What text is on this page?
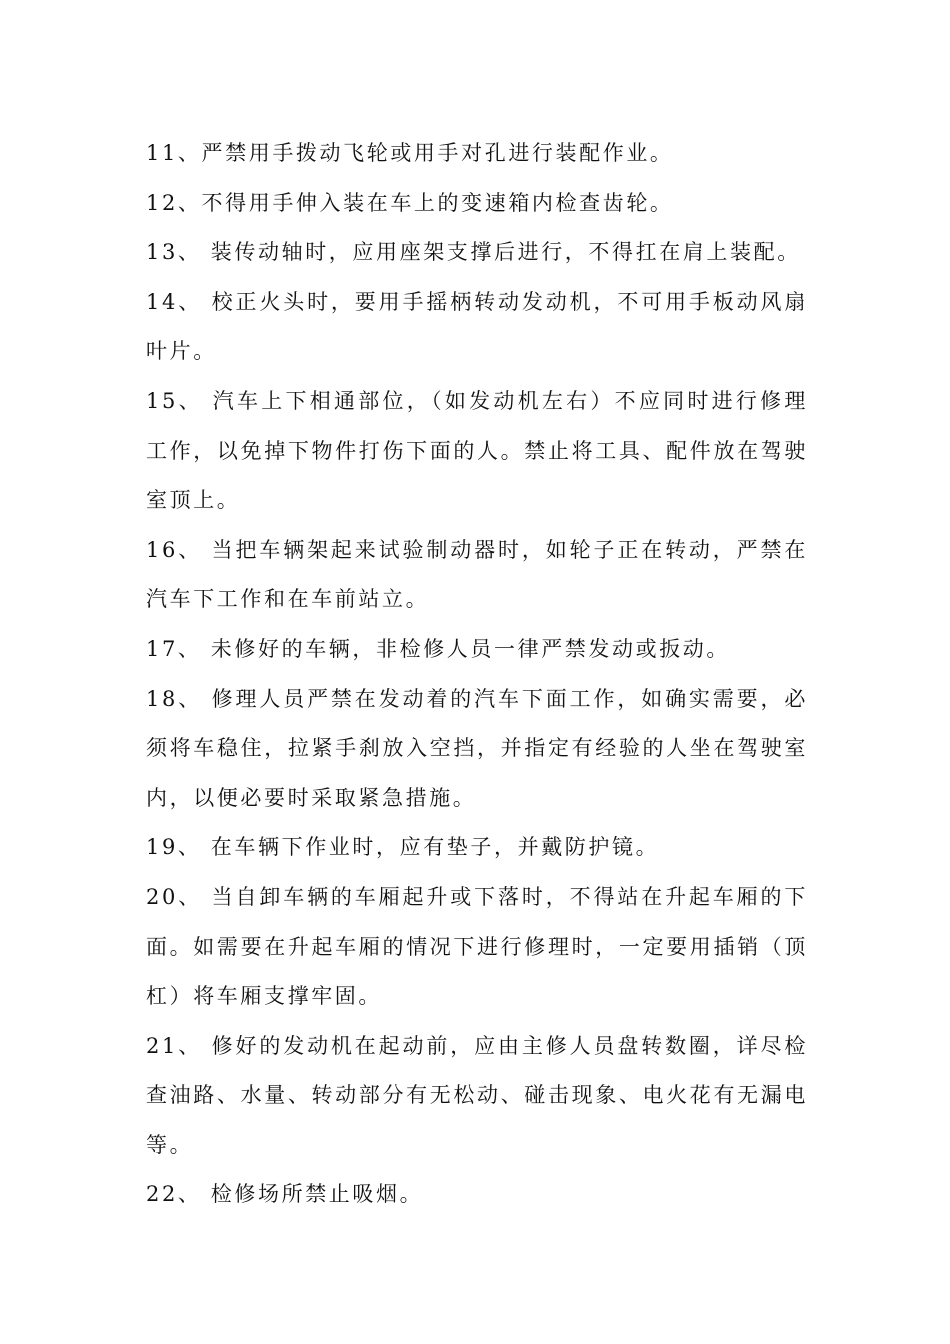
11、严禁用手拨动飞轮或用手对孔进行装配作业。

12、不得用手伸入装在车上的变速箱内检查齿轮。

13、 装传动轴时，应用座架支撑后进行，不得扛在肩上装配。

14、 校正火头时，要用手摇柄转动发动机，不可用手板动风扇叶片。

15、 汽车上下相通部位，（如发动机左右）不应同时进行修理工作，以免掉下物件打伤下面的人。禁止将工具、配件放在驾驶室顶上。

16、 当把车辆架起来试验制动器时，如轮子正在转动，严禁在汽车下工作和在车前站立。

17、 未修好的车辆，非检修人员一律严禁发动或扳动。

18、 修理人员严禁在发动着的汽车下面工作，如确实需要，必须将车稳住，拉紧手刹放入空挡，并指定有经验的人坐在驾驶室内，以便必要时采取紧急措施。

19、 在车辆下作业时，应有垫子，并戴防护镜。

20、 当自卸车辆的车厢起升或下落时，不得站在升起车厢的下面。如需要在升起车厢的情况下进行修理时，一定要用插销（顶杠）将车厢支撑牢固。

21、 修好的发动机在起动前，应由主修人员盘转数圈，详尽检查油路、水量、转动部分有无松动、碰击现象、电火花有无漏电等。

22、 检修场所禁止吸烟。
